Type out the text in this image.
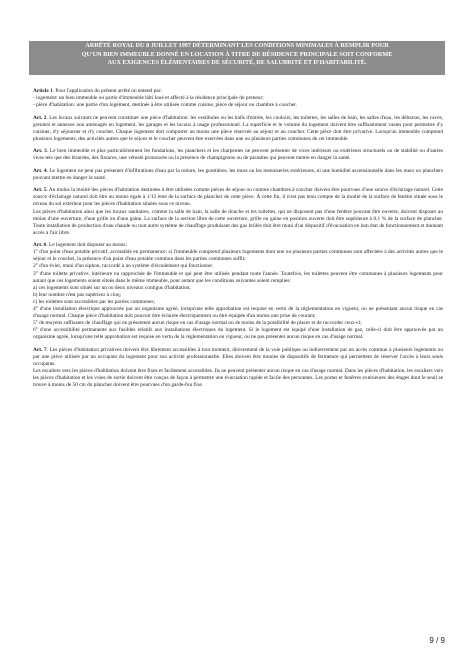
ARRÊTÉ ROYAL DU 8 JUILLET 1997 DÉTERMINANT LES CONDITIONS MINIMALES À REMPLIR POUR
QU'UN BIEN IMMEUBLE DONNÉ EN LOCATION À TITRE DE RÉSIDENCE PRINCIPALE SOIT CONFORME
AUX EXIGENCES ÉLÉMENTAIRES DE SÉCURITÉ, DE SALUBRITÉ ET D'HABITABILITÉ.

Article 1. Pour l'application du présent arrêté on entend par:

- logement: un bien immeuble ou partie d'immeuble bâti loué et affecté à la résidence principale du preneur;
- pièce d'habitation: une partie d'un logement, destinée à être utilisée comme cuisine, pièce de séjour ou chambre à coucher.

Art. 2. Les locaux suivants ne peuvent constituer une pièce d'habitation: les vestibules ou les halls d'entrée, les couloirs, les toilettes, les salles de bain, les salles d'eau, les débarras, les caves, greniers et annexes non aménagés en logement, les garages et les locaux à usage professionnel. La superficie et le volume du logement doivent être suffisamment vastes pour permettre d'y cuisiner, d'y séjourner et d'y coucher. Chaque logement doit comporter au moins une pièce réservée au séjour et au coucher. Cette pièce doit être privative. Lorsqu'un immeuble comprend plusieurs logements, des activités autres que le séjour et le coucher peuvent être exercées dans une ou plusieurs parties communes de cet immeuble.

Art. 3. Le bien immeuble et plus particulièrement les fondations, les planchers et les charpentes ne peuvent présenter de vices intérieurs ou extérieurs structurels ou de stabilité ou d'autres vices tels que des lézardes, des fissures, une vétusté prononcée ou la présence de champignons ou de parasites qui peuvent mettre en danger la santé.

Art. 4. Le logement ne peut pas présenter d'infiltrations d'eau par la toiture, les gouttières, les murs ou les menuiseries extérieures, ni une humidité ascensionnelle dans les murs ou planchers pouvant mettre en danger la santé.

Art. 5. Au moins la moitié des pièces d'habitation destinées à être utilisées comme pièces de séjour ou comme chambres à coucher doivent être pourvues d'une source d'éclairage naturel. Cette source d'éclairage naturel doit être au moins égale à 1/12 ème de la surface de plancher de cette pièce. À cette fin, il n'est pas tenu compte de la moitié de la surface de fenêtre située sous le niveau du sol extérieur pour les pièces d'habitation situées sous ce niveau.

Les pièces d'habitation ainsi que les locaux sanitaires, comme la salle de bain, la salle de douche et les toilettes, qui ne disposent pas d'une fenêtre pouvant être ouverte, doivent disposer au moins d'une ouverture, d'une grille ou d'une gaine. La surface de la section libre de cette ouverture, grille ou gaine en position ouverte doit être supérieure à 0,1 % de la surface de plancher. Toute installation de production d'eau chaude ou tout autre système de chauffage produisant des gaz brûlés doit être muni d'un dispositif d'évacuation en bon état de fonctionnement et donnant accès à l'air libre.

Art. 6. Le logement doit disposer au moins:

1° d'un point d'eau potable privatif, accessible en permanence; si l'immeuble comprend plusieurs logements dont une ou plusieurs parties communes sont affectées à des activités autres que le séjour et le coucher, la présence d'un point d'eau potable commun dans les parties communes suffit;
2° d'un évier, muni d'un siphon, raccordé à un système d'écoulement qui fonctionne;
3° d'une toilette privative, intérieure ou rapprochée de l'immeuble et qui peut être utilisée pendant toute l'année. Toutefois, les toilettes peuvent être communes à plusieurs logements pour autant que ces logements soient situés dans le même immeuble, pour autant que les conditions suivantes soient remplies:
a) ces logements sont situés sur un ou deux niveaux contigus d'habitation;
b) leur nombre n'est pas supérieur à cinq;
c) les toilettes sont accessibles par les parties communes;
4° d'une installation électrique approuvée par un organisme agréé, lorsqu'une telle approbation est requise en vertu de la réglementation en vigueur, ou ne présentant aucun risque en cas d'usage normal. Chaque pièce d'habitation doit pouvoir être éclairée électriquement ou être équipée d'au moins une prise de courant;
5° de moyens suffisants de chauffage qui ne présentent aucun risque en cas d'usage normal ou de moins de la possibilité de placer et de raccorder ceux-ci;
6° d'une accessibilité permanente aux fusibles relatifs aux installations électriques du logement. Si le logement est équipé d'une installation de gaz, celle-ci doit être approuvée par un organisme agréé, lorsqu'une telle approbation est requise en vertu de la réglementation en vigueur, ou ne pas présenter aucun risque en cas d'usage normal.

Art. 7. Les pièces d'habitation privatives doivent être librement accessibles à tout moment, directement de la voie publique ou indirectement par un accès commun à plusieurs logements ou par une pièce utilisée par un occupant du logement pour son activité professionnelle. Elles doivent être munies de dispositifs de fermeture qui permettent de réserver l'accès à leurs seuls occupants.

Les escaliers vers les pièces d'habitation doivent être fixes et facilement accessibles. Ils ne peuvent présenter aucun risque en cas d'usage normal. Dans les pièces d'habitation, les escaliers vers les pièces d'habitation et les voies de sortie doivent être conçus de façon à permettre une évacuation rapide et facile des personnes. Les portes et fenêtres extérieures des étages dont le seuil se trouve à moins de 50 cm du plancher doivent être pourvues d'un garde-fou fixe.
9 / 9
